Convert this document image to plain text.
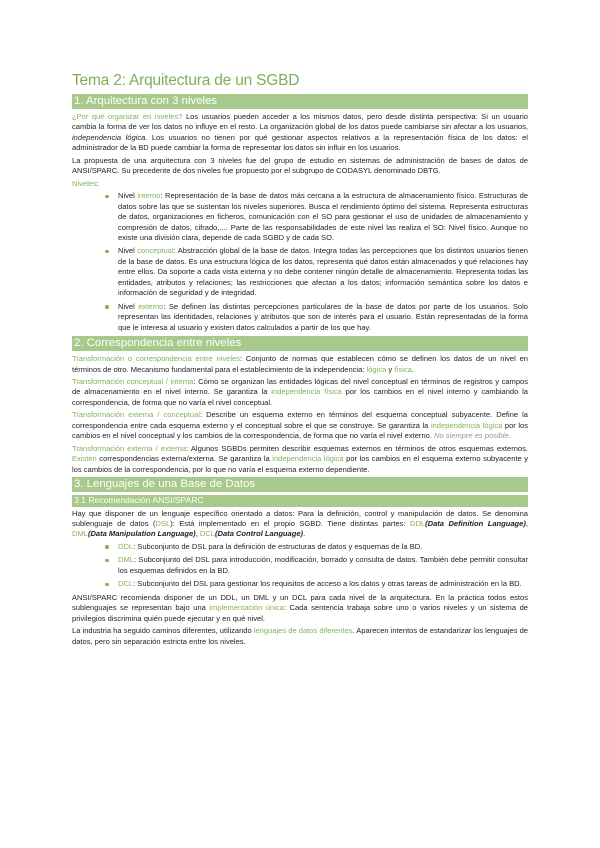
Tema 2: Arquitectura de un SGBD
1. Arquitectura con 3 niveles

¿Por qué organizar en niveles? Los usuarios pueden acceder a los mismos datos, pero desde distinta perspectiva: Si un usuario cambia la forma de ver los datos no influye en el resto. La organización global de los datos puede cambiarse sin afectar a los usuarios, independencia lógica. Los usuarios no tienen por qué gestionar aspectos relativos a la representación física de los datos: el administrador de la BD puede cambiar la forma de representar los datos sin influir en los usuarios.

La propuesta de una arquitectura con 3 niveles fue del grupo de estudio en sistemas de administración de bases de datos de ANSI/SPARC. Su precedente de dos niveles fue propuesto por el subgrupo de CODASYL denominado DBTG.

Niveles:

Nivel interno: Representación de la base de datos más cercana a la estructura de almacenamiento físico. Estructuras de datos sobre las que se sustentan los niveles superiores. Busca el rendimiento óptimo del sistema. Representa estructuras de datos, organizaciones en ficheros, comunicación con el SO para gestionar el uso de unidades de almacenamiento y compresión de datos, cifrado,.... Parte de las responsabilidades de este nivel las realiza el SO: Nivel físico. Aunque no existe una división clara, depende de cada SGBD y de cada SO.
Nivel conceptual: Abstracción global de la base de datos. Integra todas las percepciones que los distintos usuarios tienen de la base de datos. Es una estructura lógica de los datos, representa qué datos están almacenados y qué relaciones hay entre ellos. Da soporte a cada vista externa y no debe contener ningún detalle de almacenamiento. Representa todas las entidades, atributos y relaciones; las restricciones que afectan a los datos; información semántica sobre los datos e información de seguridad y de integridad.
Nivel externo: Se definen las distintas percepciones particulares de la base de datos por parte de los usuarios. Solo representan las identidades, relaciones y atributos que son de interés para el usuario. Están representadas de la forma que le interesa al usuario y existen datos calculados a partir de los que hay.
2. Correspondencia entre niveles

Transformación o correspondencia entre niveles: Conjunto de normas que establecen cómo se definen los datos de un nivel en términos de otro. Mecanismo fundamental para el establecimiento de la independencia: lógica y física.

Transformación conceptual / interna: Cómo se organizan las entidades lógicas del nivel conceptual en términos de registros y campos de almacenamiento en el nivel interno. Se garantiza la independencia física por los cambios en el nivel interno y cambiando la correspondencia, de forma que no varía el nivel conceptual.

Transformación externa / conceptual: Describe un esquema externo en términos del esquema conceptual subyacente. Define la correspondencia entre cada esquema externo y el conceptual sobre el que se construye. Se garantiza la independencia lógica por los cambios en el nivel conceptual y los cambios de la correspondencia, de forma que no varía el nivel externo. No siempre es posible.

Transformación externa / externa: Algunos SGBDs permiten describir esquemas externos en términos de otros esquemas externos. Existen correspondencias externa/externa. Se garantiza la independencia lógica por los cambios en el esquema externo subyacente y los cambios de la correspondencia, por lo que no varía el esquema externo dependiente.

3. Lenguajes de una Base de Datos
3.1 Recomendación ANSI/SPARC

Hay que disponer de un lenguaje específico orientado a datos: Para la definición, control y manipulación de datos. Se denomina sublenguaje de datos (DSL): Está implementado en el propio SGBD. Tiene distintas partes: DDL(Data Definition Language), DML(Data Manipulation Language), DCL(Data Control Language).

DDL: Subconjunto de DSL para la definición de estructuras de datos y esquemas de la BD.
DML: Subconjunto del DSL para introducción, modificación, borrado y consulta de datos. También debe permitir consultar los esquemas definidos en la BD.
DCL: Subconjunto del DSL para gestionar los requisitos de acceso a los datos y otras tareas de administración en la BD.

ANSI/SPARC recomienda disponer de un DDL, un DML y un DCL para cada nivel de la arquitectura. En la práctica todos estos sublenguajes se representan bajo una implementación única: Cada sentencia trabaja sobre uno o varios niveles y un sistema de privilegios discrimina quién puede ejecutar y en qué nivel.

La industria ha seguido caminos diferentes, utilizando lenguajes de datos diferentes. Aparecen intentos de estandarizar los lenguajes de datos, pero sin separación estricta entre los niveles.
